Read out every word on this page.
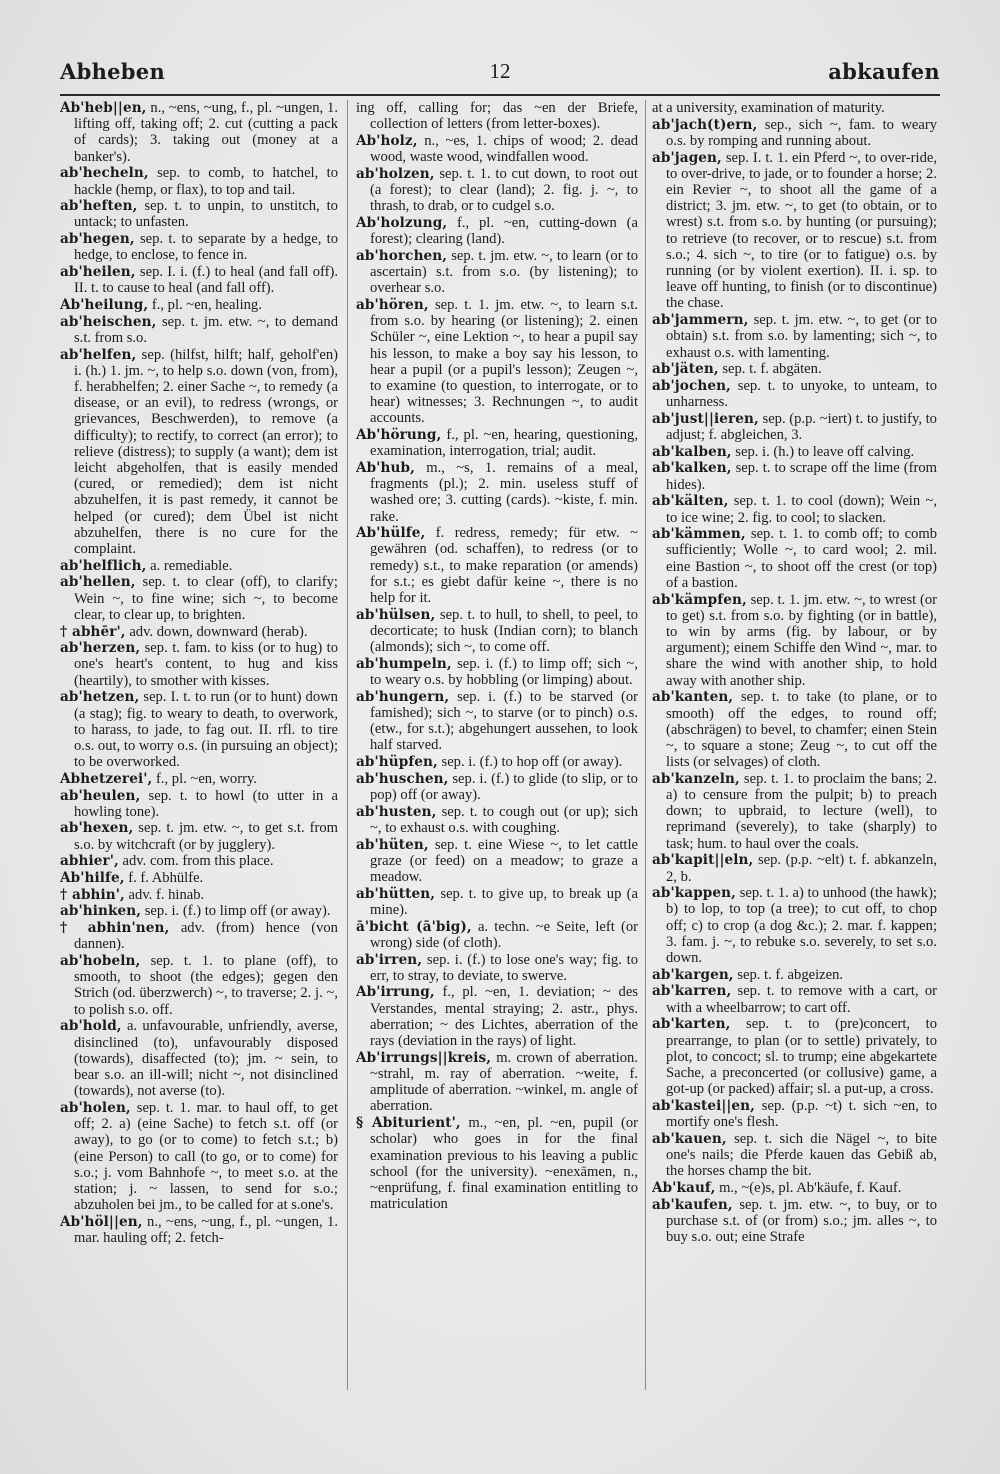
Abheben	12	abkaufen

Ab'heb||en, n., ~ens, ~ung, f., pl. ~ungen, 1. lifting off, taking off; 2. cut (cutting a pack of cards); 3. taking out (money at a banker's).

ab'hecheln, sep. to comb, to hatchel, to hackle (hemp, or flax), to top and tail.

ab'heften, sep. t. to unpin, to unstitch, to untack; to unfasten.

ab'hegen, sep. t. to separate by a hedge, to hedge, to enclose, to fence in.

ab'heilen, sep. I. i. (f.) to heal (and fall off). II. t. to cause to heal (and fall off).

Ab'heilung, f., pl. ~en, healing.

ab'heischen, sep. t. jm. etw. ~, to demand s.t. from s.o.

ab'helfen, sep. (hilfst, hilft; half, geholf'en) i. (h.) 1. jm. ~, to help s.o. down (von, from), f. herabhelfen; 2. einer Sache ~, to remedy (a disease, or an evil), to redress (wrongs, or grievances, Beschwerden), to remove (a difficulty); to rectify, to correct (an error); to relieve (distress); to supply (a want); dem ist leicht abgeholfen, that is easily mended (cured, or remedied); dem ist nicht abzuhelfen, it is past remedy, it cannot be helped (or cured); dem Übel ist nicht abzuhelfen, there is no cure for the complaint.

ab'helflich, a. remediable.

ab'hellen, sep. t. to clear (off), to clarify; Wein ~, to fine wine; sich ~, to become clear, to clear up, to brighten.

† abhēr', adv. down, downward (herab).

ab'herzen, sep. t. fam. to kiss (or to hug) to one's heart's content, to hug and kiss (heartily), to smother with kisses.

ab'hetzen, sep. I. t. to run (or to hunt) down (a stag); fig. to weary to death, to overwork, to harass, to jade, to fag out. II. rfl. to tire o.s. out, to worry o.s. (in pursuing an object); to be overworked.

Abhetzerei', f., pl. ~en, worry.

ab'heulen, sep. t. to howl (to utter in a howling tone).

ab'hexen, sep. t. jm. etw. ~, to get s.t. from s.o. by witchcraft (or by jugglery).

abhier', adv. com. from this place.

Ab'hilfe, f. f. Abhülfe.

† abhin', adv. f. hinab.

ab'hinken, sep. i. (f.) to limp off (or away).

† abhin'nen, adv. (from) hence (von dannen).

ab'hobeln, sep. t. 1. to plane (off), to smooth, to shoot (the edges); gegen den Strich (od. überzwerch) ~, to traverse; 2. j. ~, to polish s.o. off.

ab'hold, a. unfavourable, unfriendly, averse, disinclined (to), unfavourably disposed (towards), disaffected (to); jm. ~ sein, to bear s.o. an ill-will; nicht ~, not disinclined (towards), not averse (to).

ab'holen, sep. t. 1. mar. to haul off, to get off; 2. a) (eine Sache) to fetch s.t. off (or away), to go (or to come) to fetch s.t.; b) (eine Person) to call (to go, or to come) for s.o.; j. vom Bahnhofe ~, to meet s.o. at the station; j. ~ lassen, to send for s.o.; abzuholen bei jm., to be called for at s.one's.

Ab'höl||en, n., ~ens, ~ung, f., pl. ~ungen, 1. mar. hauling off; 2. fetch-

ing off, calling for; das ~en der Briefe, collection of letters (from letter-boxes).

Ab'holz, n., ~es, 1. chips of wood; 2. dead wood, waste wood, windfallen wood.

ab'holzen, sep. t. 1. to cut down, to root out (a forest); to clear (land); 2. fig. j. ~, to thrash, to drab, or to cudgel s.o.

Ab'holzung, f., pl. ~en, cutting-down (a forest); clearing (land).

ab'horchen, sep. t. jm. etw. ~, to learn (or to ascertain) s.t. from s.o. (by listening); to overhear s.o.

ab'hören, sep. t. 1. jm. etw. ~, to learn s.t. from s.o. by hearing (or listening); 2. einen Schüler ~, eine Lektion ~, to hear a pupil say his lesson, to make a boy say his lesson, to hear a pupil (or a pupil's lesson); Zeugen ~, to examine (to question, to interrogate, or to hear) witnesses; 3. Rechnungen ~, to audit accounts.

Ab'hörung, f., pl. ~en, hearing, questioning, examination, interrogation, trial; audit.

Ab'hub, m., ~s, 1. remains of a meal, fragments (pl.); 2. min. useless stuff of washed ore; 3. cutting (cards). ~kiste, f. min. rake.

Ab'hülfe, f. redress, remedy; für etw. ~ gewähren (od. schaffen), to redress (or to remedy) s.t., to make reparation (or amends) for s.t.; es giebt dafür keine ~, there is no help for it.

ab'hülsen, sep. t. to hull, to shell, to peel, to decorticate; to husk (Indian corn); to blanch (almonds); sich ~, to come off.

ab'humpeln, sep. i. (f.) to limp off; sich ~, to weary o.s. by hobbling (or limping) about.

ab'hungern, sep. i. (f.) to be starved (or famished); sich ~, to starve (or to pinch) o.s. (etw., for s.t.); abgehungert aussehen, to look half starved.

ab'hüpfen, sep. i. (f.) to hop off (or away).

ab'huschen, sep. i. (f.) to glide (to slip, or to pop) off (or away).

ab'husten, sep. t. to cough out (or up); sich ~, to exhaust o.s. with coughing.

ab'hüten, sep. t. eine Wiese ~, to let cattle graze (or feed) on a meadow; to graze a meadow.

ab'hütten, sep. t. to give up, to break up (a mine).

ā'bicht (ā'big), a. techn. ~e Seite, left (or wrong) side (of cloth).

ab'irren, sep. i. (f.) to lose one's way; fig. to err, to stray, to deviate, to swerve.

Ab'irrung, f., pl. ~en, 1. deviation; ~ des Verstandes, mental straying; 2. astr., phys. aberration; ~ des Lichtes, aberration of the rays (deviation in the rays) of light.

Ab'irrungs||kreis, m. crown of aberration. ~strahl, m. ray of aberration. ~weite, f. amplitude of aberration. ~winkel, m. angle of aberration.

§ Abiturient', m., ~en, pl. ~en, pupil (or scholar) who goes in for the final examination previous to his leaving a public school (for the university). ~enexāmen, n., ~enprüfung, f. final examination entitling to matriculation

at a university, examination of maturity.

ab'jach(t)ern, sep., sich ~, fam. to weary o.s. by romping and running about.

ab'jagen, sep. I. t. 1. ein Pferd ~, to over-ride, to over-drive, to jade, or to founder a horse; 2. ein Revier ~, to shoot all the game of a district; 3. jm. etw. ~, to get (to obtain, or to wrest) s.t. from s.o. by hunting (or pursuing); to retrieve (to recover, or to rescue) s.t. from s.o.; 4. sich ~, to tire (or to fatigue) o.s. by running (or by violent exertion). II. i. sp. to leave off hunting, to finish (or to discontinue) the chase.

ab'jammern, sep. t. jm. etw. ~, to get (or to obtain) s.t. from s.o. by lamenting; sich ~, to exhaust o.s. with lamenting.

ab'jäten, sep. t. f. abgäten.

ab'jochen, sep. t. to unyoke, to unteam, to unharness.

ab'just||ieren, sep. (p.p. ~iert) t. to justify, to adjust; f. abgleichen, 3.

ab'kalben, sep. i. (h.) to leave off calving.

ab'kalken, sep. t. to scrape off the lime (from hides).

ab'kälten, sep. t. 1. to cool (down); Wein ~, to ice wine; 2. fig. to cool; to slacken.

ab'kämmen, sep. t. 1. to comb off; to comb sufficiently; Wolle ~, to card wool; 2. mil. eine Bastion ~, to shoot off the crest (or top) of a bastion.

ab'kämpfen, sep. t. 1. jm. etw. ~, to wrest (or to get) s.t. from s.o. by fighting (or in battle), to win by arms (fig. by labour, or by argument); einem Schiffe den Wind ~, mar. to share the wind with another ship, to hold away with another ship.

ab'kanten, sep. t. to take (to plane, or to smooth) off the edges, to round off; (abschrägen) to bevel, to chamfer; einen Stein ~, to square a stone; Zeug ~, to cut off the lists (or selvages) of cloth.

ab'kanzeln, sep. t. 1. to proclaim the bans; 2. a) to censure from the pulpit; b) to preach down; to upbraid, to lecture (well), to reprimand (severely), to take (sharply) to task; hum. to haul over the coals.

ab'kapit||eln, sep. (p.p. ~elt) t. f. abkanzeln, 2, b.

ab'kappen, sep. t. 1. a) to unhood (the hawk); b) to lop, to top (a tree); to cut off, to chop off; c) to crop (a dog &c.); 2. mar. f. kappen; 3. fam. j. ~, to rebuke s.o. severely, to set s.o. down.

ab'kargen, sep. t. f. abgeizen.

ab'karren, sep. t. to remove with a cart, or with a wheelbarrow; to cart off.

ab'karten, sep. t. to (pre)concert, to prearrange, to plan (or to settle) privately, to plot, to concoct; sl. to trump; eine abgekartete Sache, a preconcerted (or collusive) game, a got-up (or packed) affair; sl. a put-up, a cross.

ab'kastei||en, sep. (p.p. ~t) t. sich ~en, to mortify one's flesh.

ab'kauen, sep. t. sich die Nägel ~, to bite one's nails; die Pferde kauen das Gebiß ab, the horses champ the bit.

Ab'kauf, m., ~(e)s, pl. Ab'käufe, f. Kauf.

ab'kaufen, sep. t. jm. etw. ~, to buy, or to purchase s.t. of (or from) s.o.; jm. alles ~, to buy s.o. out; eine Strafe
